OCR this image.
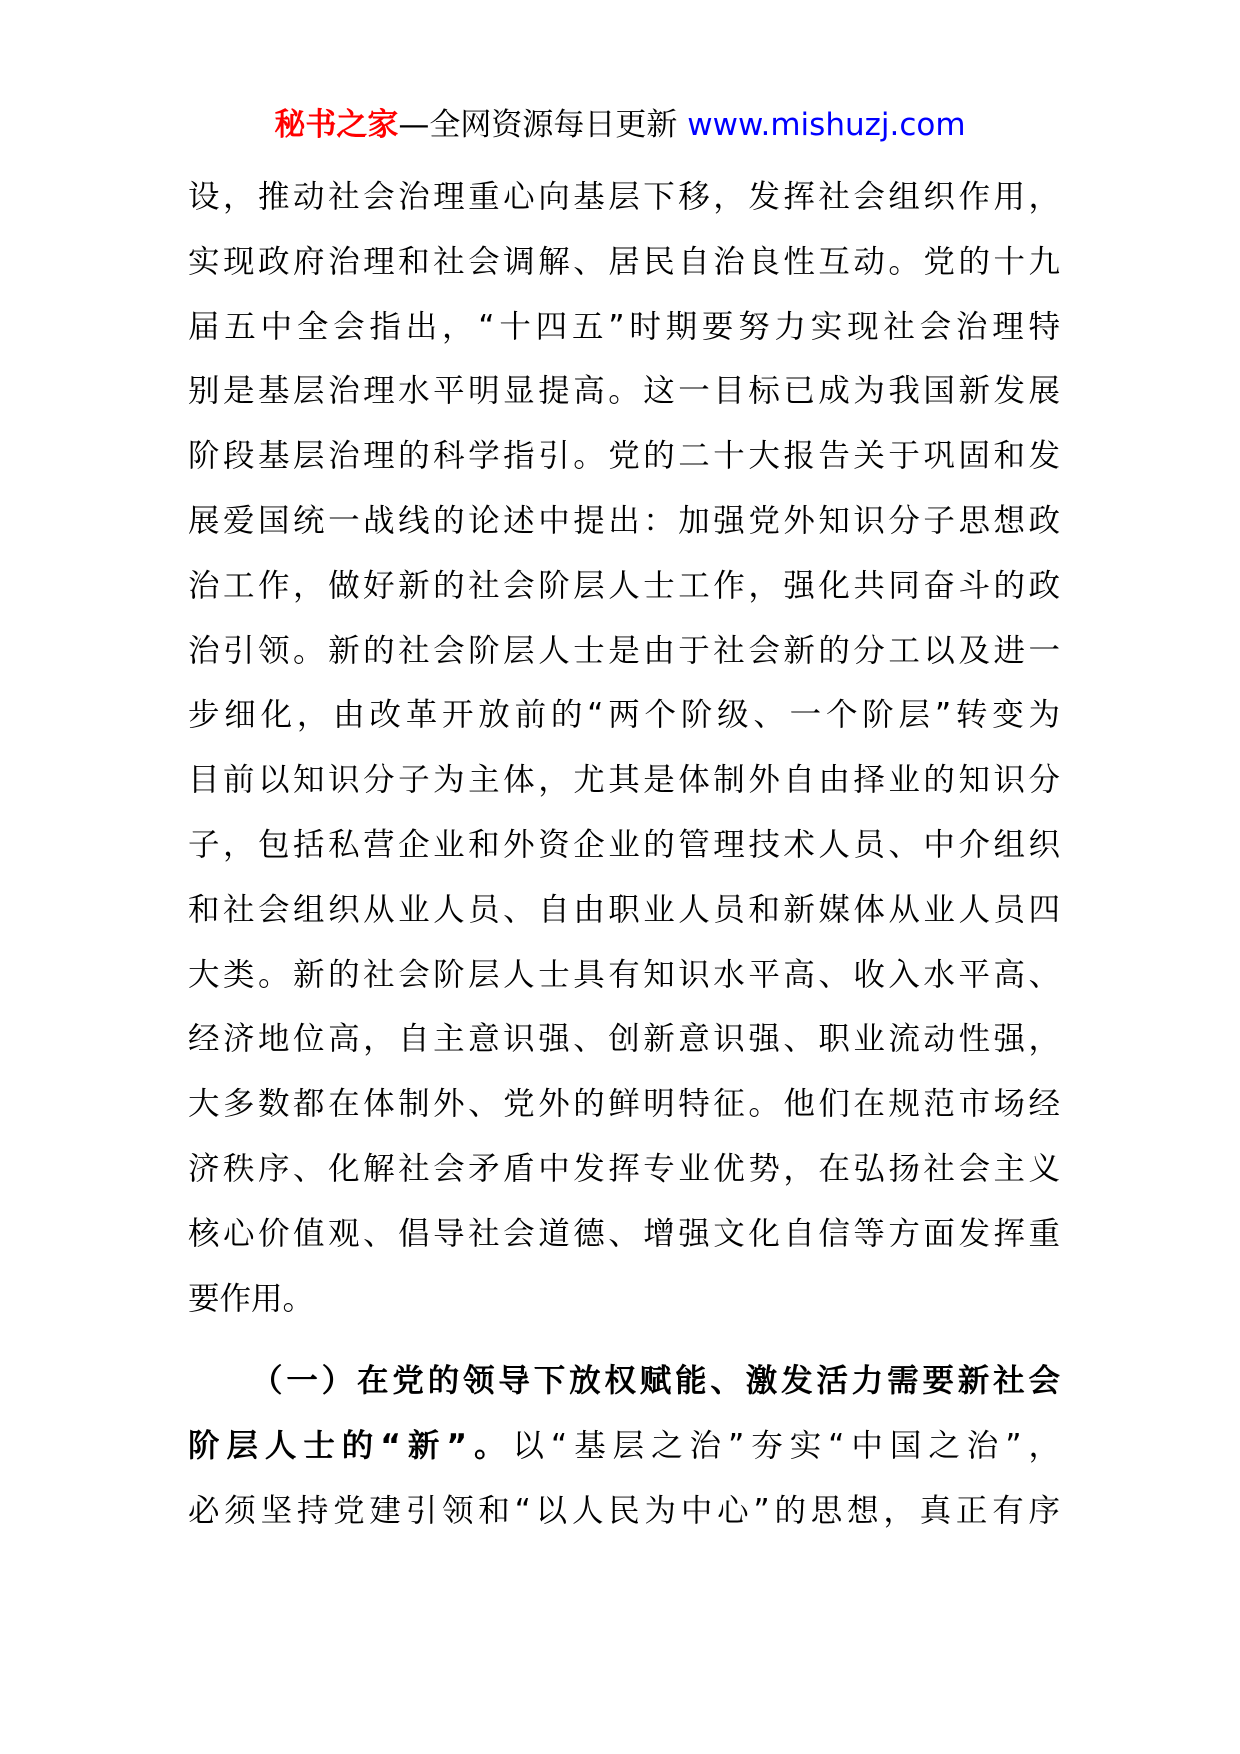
秘书之家—全网资源每日更新 www.mishuzj.com
设，推动社会治理重心向基层下移，发挥社会组织作用，
实现政府治理和社会调解、居民自治良性互动。党的十九
届五中全会指出，“十四五”时期要努力实现社会治理特
别是基层治理水平明显提高。这一目标已成为我国新发展
阶段基层治理的科学指引。党的二十大报告关于巩固和发
展爱国统一战线的论述中提出：加强党外知识分子思想政
治工作，做好新的社会阶层人士工作，强化共同奋斗的政
治引领。新的社会阶层人士是由于社会新的分工以及进一
步细化，由改革开放前的“两个阶级、一个阶层”转变为
目前以知识分子为主体，尤其是体制外自由择业的知识分
子，包括私营企业和外资企业的管理技术人员、中介组织
和社会组织从业人员、自由职业人员和新媒体从业人员四
大类。新的社会阶层人士具有知识水平高、收入水平高、
经济地位高，自主意识强、创新意识强、职业流动性强，
大多数都在体制外、党外的鲜明特征。他们在规范市场经
济秩序、化解社会矛盾中发挥专业优势，在弘扬社会主义
核心价值观、倡导社会道德、增强文化自信等方面发挥重
要作用。
（一）在党的领导下放权赋能、激发活力需要新社会
阶层人士的“新”。以“基层之治”夯实“中国之治”，
必须坚持党建引领和“以人民为中心”的思想，真正有序
